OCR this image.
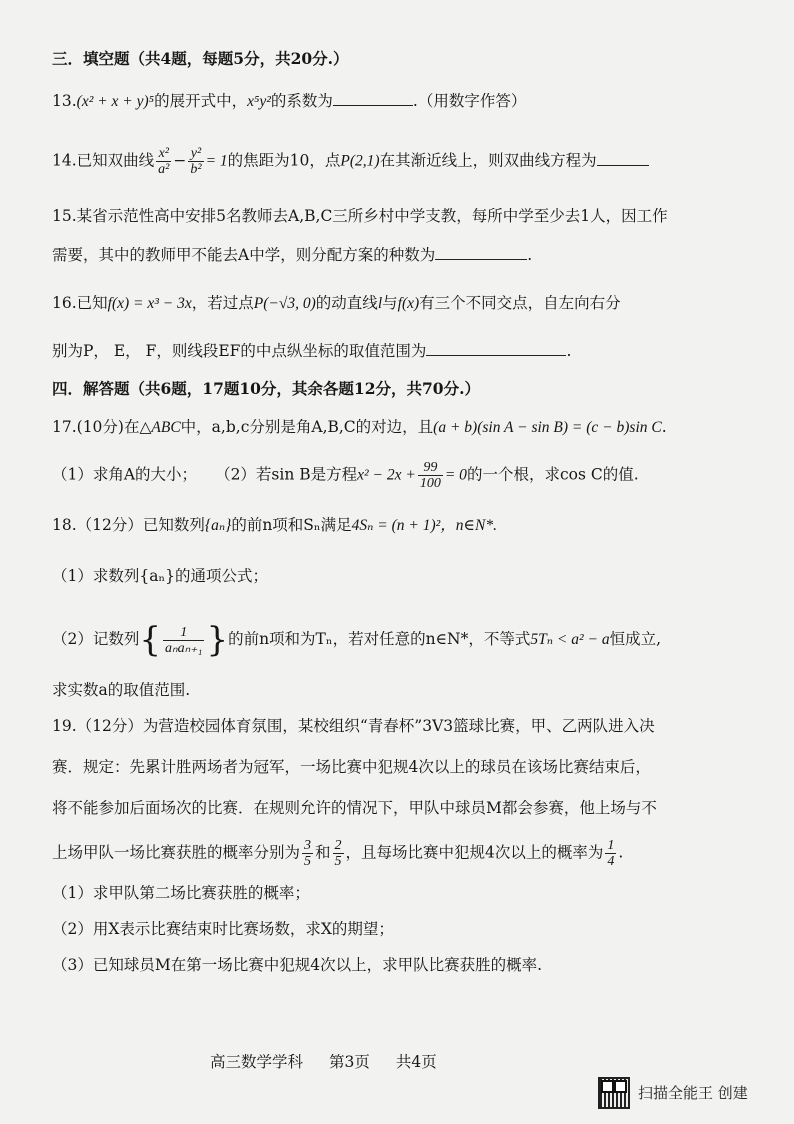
三．填空题（共4题，每题5分，共20分.）
13.(x² + x + y)⁵的展开式中，x⁵y²的系数为	.（用数字作答）
14.已知双曲线 $\frac{\text{x²}}{\text{a²}} - \frac{\text{y²}}{\text{b²}} = 1$的焦距为10，点P(2,1)在其渐近线上，则双曲线方程为
15.某省示范性高中安排5名教师去A,B,C三所乡村中学支教，每所中学至少去1人，因工作
需要，其中的教师甲不能去A中学，则分配方案的种数为	.
16.已知f(x) = x³ − 3x，若过点P(−√3, 0)的动直线l与f(x)有三个不同交点，自左向右分
别为P， E， F，则线段EF的中点纵坐标的取值范围为	.
四．解答题（共6题，17题10分，其余各题12分，共70分.）
17.(10分)在△ABC中，a,b,c分别是角A,B,C的对边，且(a + b)(sin A − sin B) = (c − b)sin C.
（1）求角A的大小； （2）若sin B是方程$x^2 - 2x + \frac{99}{100} = 0$的一个根，求cos C的值.
18.（12分）已知数列{aₙ}的前n项和Sₙ满足4Sₙ = (n + 1)²，n∈N*.
（1）求数列{aₙ}的通项公式；
（2）记数列{ $\frac{1}{\text{aₙaₙ₊₁}}$ }的前n项和为Tₙ，若对任意的n∈N*，不等式5Tₙ < a² − a恒成立,
求实数a的取值范围.
19.（12分）为营造校园体育氛围，某校组织“青春杯”3V3篮球比赛，甲、乙两队进入决
赛．规定：先累计胜两场者为冠军，一场比赛中犯规4次以上的球员在该场比赛结束后，
将不能参加后面场次的比赛．在规则允许的情况下，甲队中球员M都会参赛，他上场与不
上场甲队一场比赛获胜的概率分别为 $\frac{3}{5}$ 和 $\frac{2}{5}$ ，且每场比赛中犯规4次以上的概率为 $\frac{1}{4}$ .
（1）求甲队第二场比赛获胜的概率；
（2）用X表示比赛结束时比赛场数，求X的期望；
（3）已知球员M在第一场比赛中犯规4次以上，求甲队比赛获胜的概率.
高三数学学科 第3页 共4页
扫描全能王 创建
